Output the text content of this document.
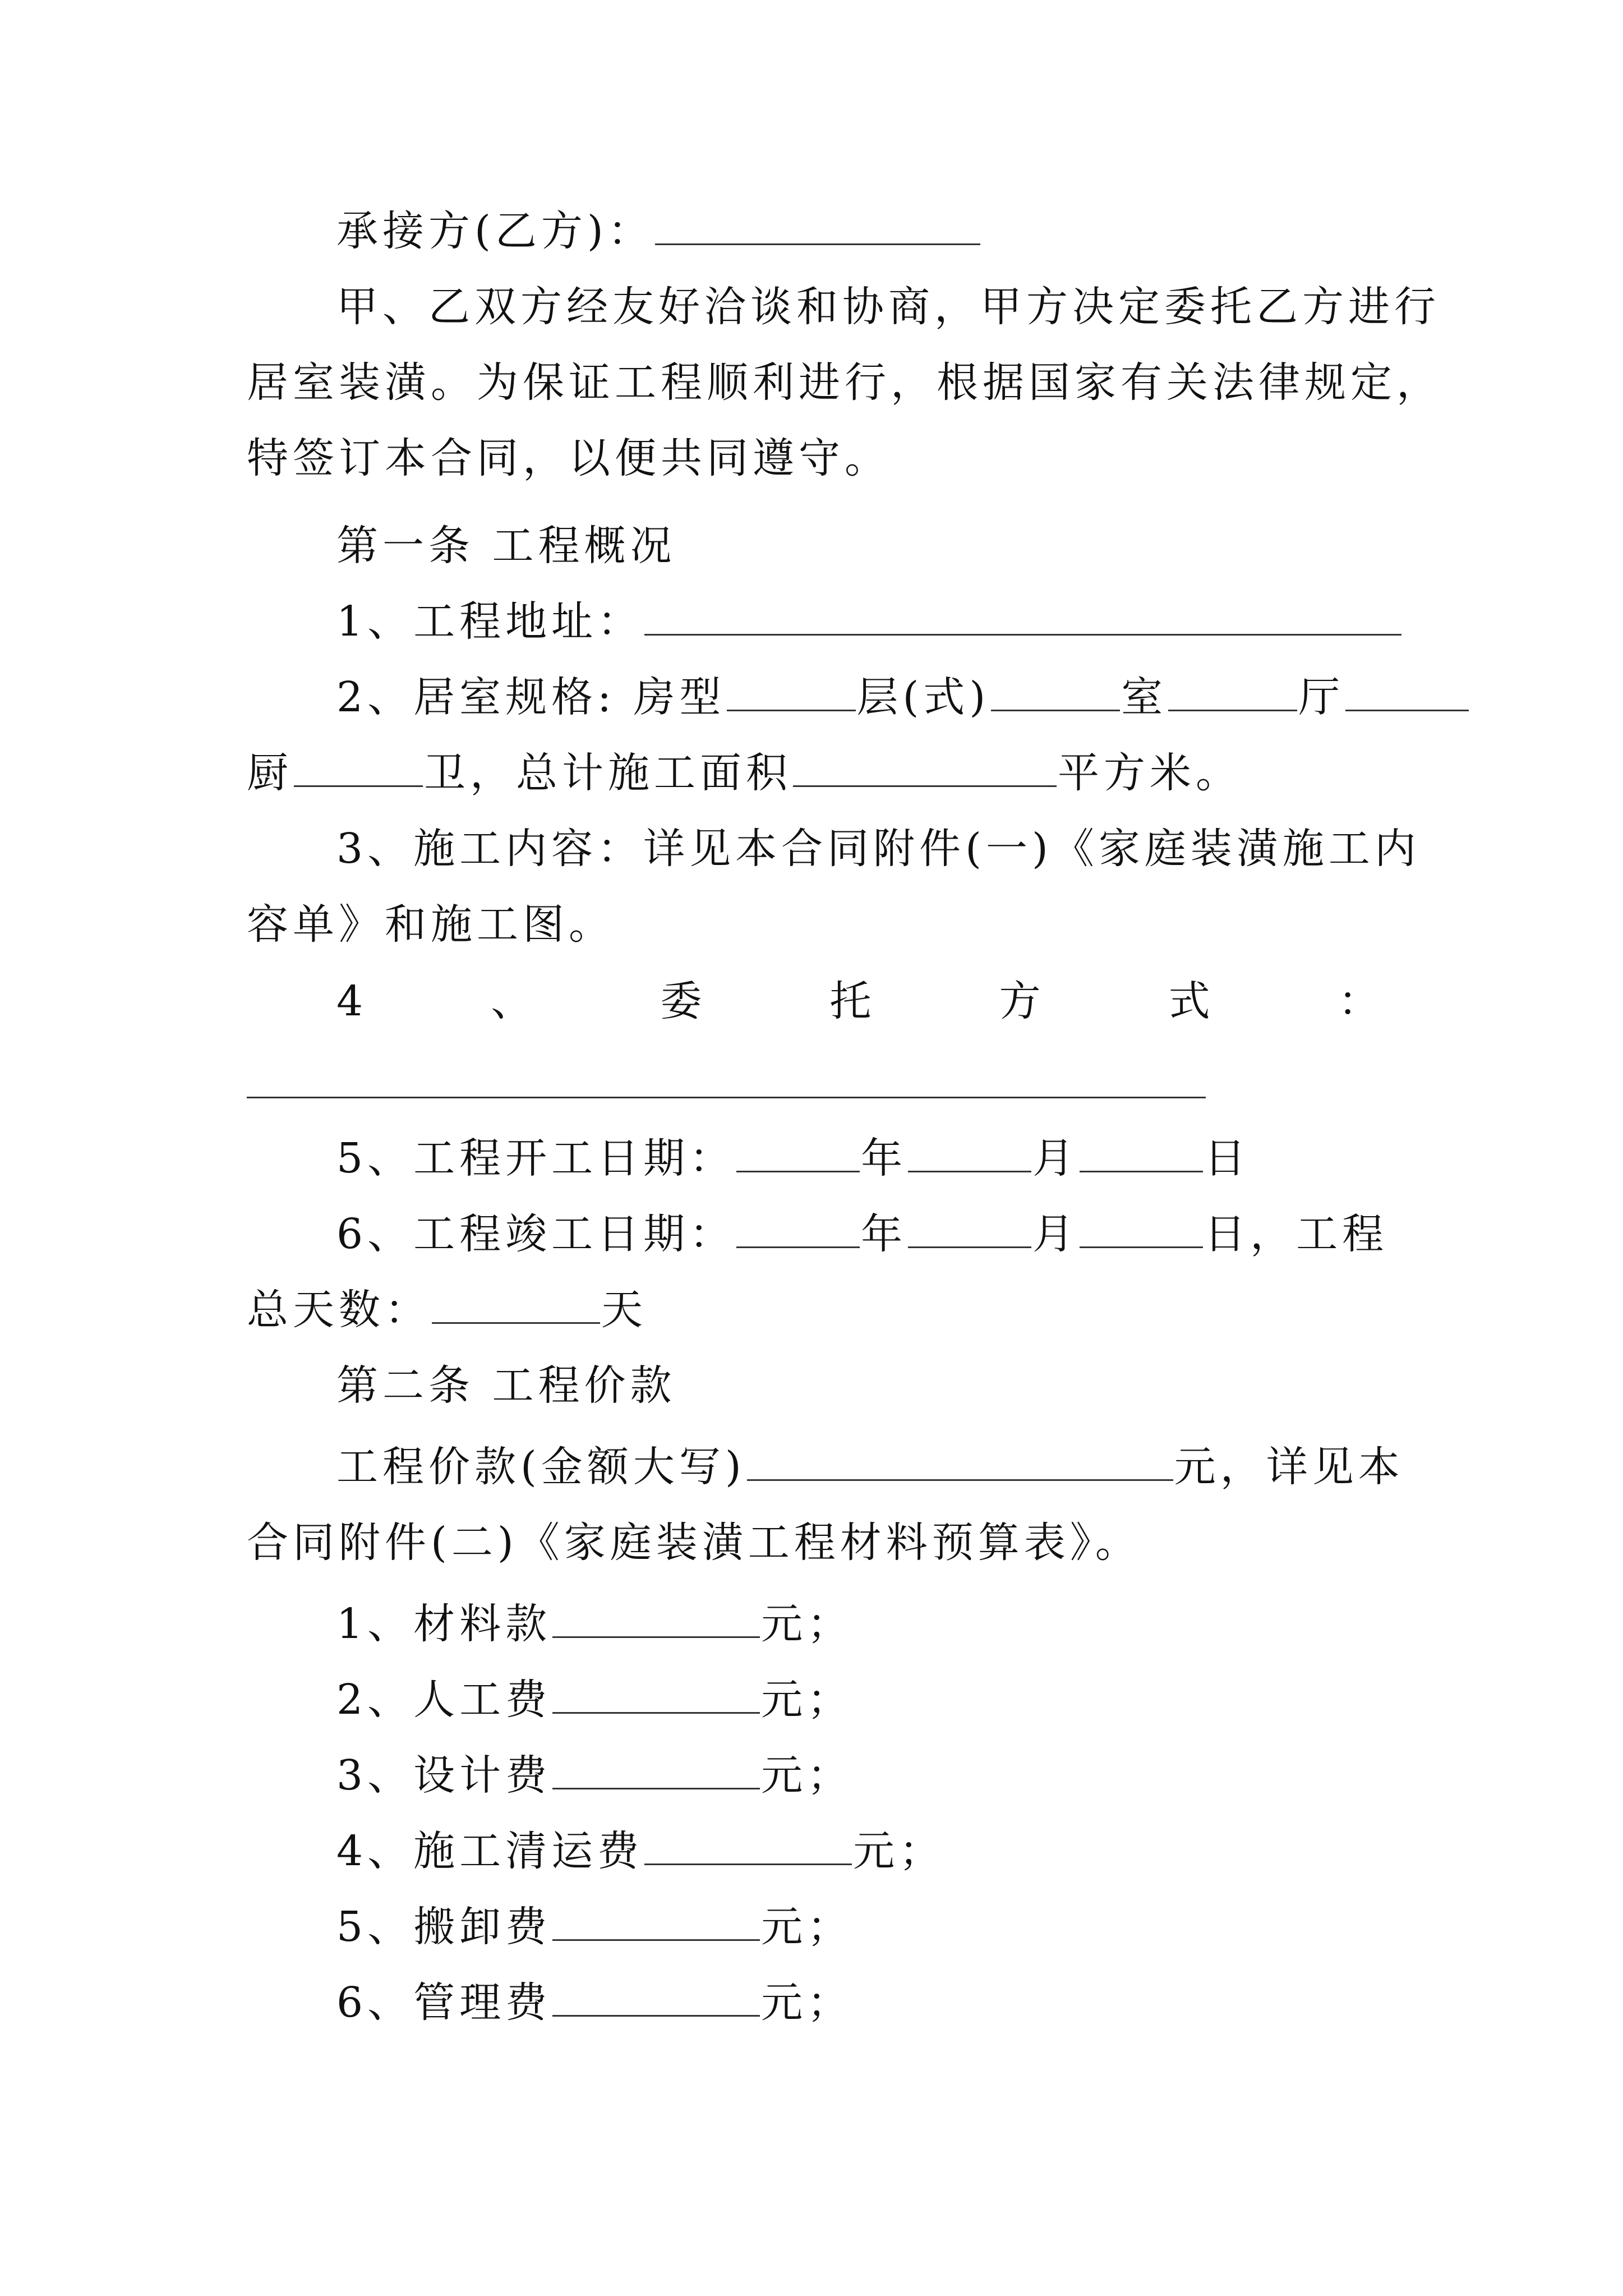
承接方(乙方)：
甲、乙双方经友好洽谈和协商，甲方决定委托乙方进行
居室装潢。为保证工程顺利进行，根据国家有关法律规定，
特签订本合同，以便共同遵守。
第一条 工程概况
1、工程地址：
2、居室规格: 房型	层(式)	室	厅
厨	卫，总计施工面积	平方米。
3、施工内容：详见本合同附件(一)《家庭装潢施工内
容单》和施工图。
4	、	委	托	方	式	：
5、工程开工日期：	年	月	日
6、工程竣工日期：	年	月	日，工程
总天数：	天
第二条 工程价款
工程价款(金额大写)	元，详见本
合同附件(二)《家庭装潢工程材料预算表》。
1、材料款	元；
2、人工费	元；
3、设计费	元；
4、施工清运费	元；
5、搬卸费	元；
6、管理费	元；
